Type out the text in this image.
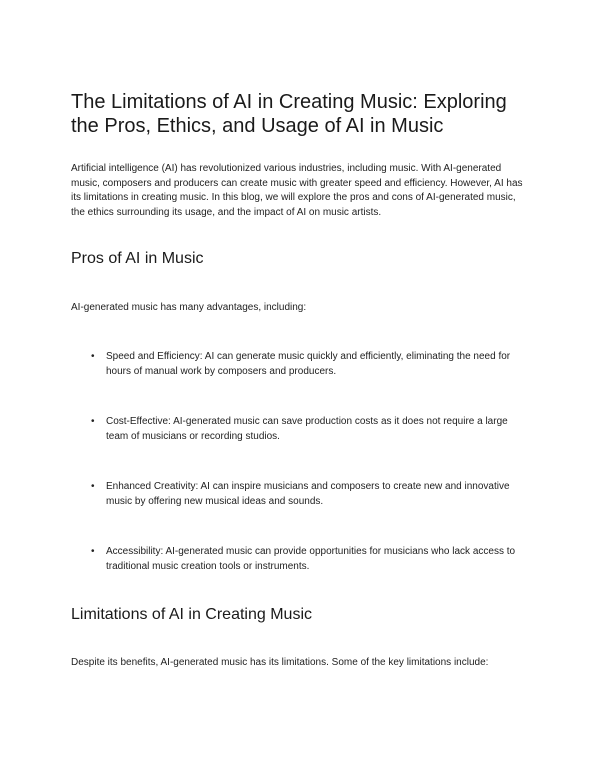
The Limitations of AI in Creating Music: Exploring the Pros, Ethics, and Usage of AI in Music

Artificial intelligence (AI) has revolutionized various industries, including music. With AI-generated music, composers and producers can create music with greater speed and efficiency. However, AI has its limitations in creating music. In this blog, we will explore the pros and cons of AI-generated music, the ethics surrounding its usage, and the impact of AI on music artists.

Pros of AI in Music

AI-generated music has many advantages, including:

•	Speed and Efficiency: AI can generate music quickly and efficiently, eliminating the need for hours of manual work by composers and producers.
•	Cost-Effective: AI-generated music can save production costs as it does not require a large team of musicians or recording studios.
•	Enhanced Creativity: AI can inspire musicians and composers to create new and innovative music by offering new musical ideas and sounds.
•	Accessibility: AI-generated music can provide opportunities for musicians who lack access to traditional music creation tools or instruments.
Limitations of AI in Creating Music

Despite its benefits, AI-generated music has its limitations. Some of the key limitations include:
